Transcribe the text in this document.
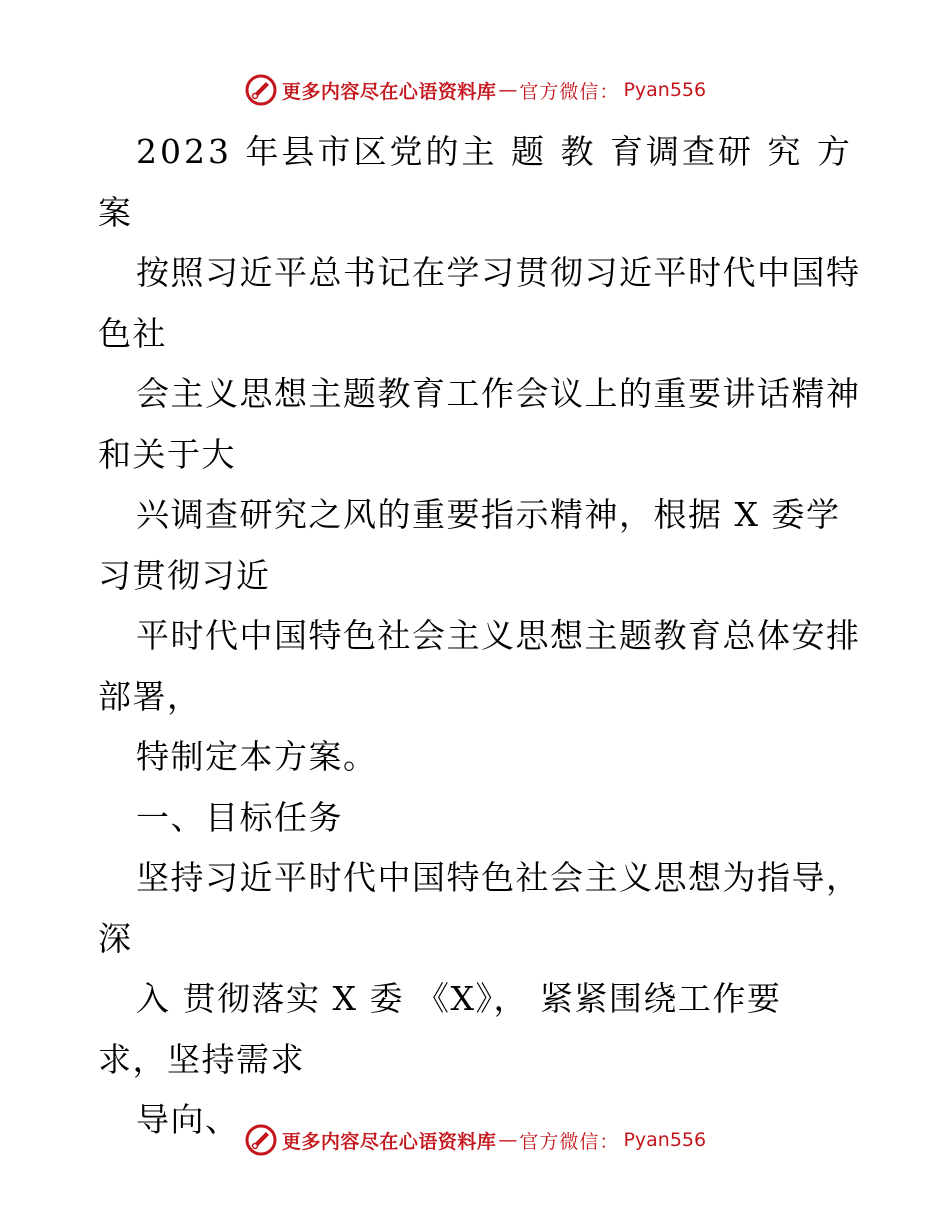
更多内容尽在心语资料库 — 官方微信： Pyan556
2023 年县市区党的主 题 教 育调查研 究 方
案
按照习近平总书记在学习贯彻习近平时代中国特
色社
会主义思想主题教育工作会议上的重要讲话精神
和关于大
兴调查研究之风的重要指示精神，根据 X 委学
习贯彻习近
平时代中国特色社会主义思想主题教育总体安排
部署，
特制定本方案。
一、目标任务
坚持习近平时代中国特色社会主义思想为指导，
深
入 贯彻落实 X 委 《X》， 紧紧围绕工作要
求，坚持需求
导向、
更多内容尽在心语资料库 — 官方微信： Pyan556
